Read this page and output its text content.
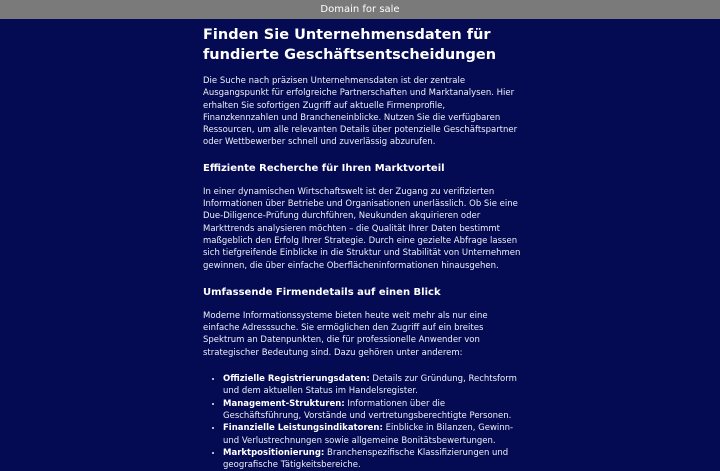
Domain for sale
Finden Sie Unternehmensdaten für fundierte Geschäftsentscheidungen

Die Suche nach präzisen Unternehmensdaten ist der zentrale Ausgangspunkt für erfolgreiche Partnerschaften und Marktanalysen. Hier erhalten Sie sofortigen Zugriff auf aktuelle Firmenprofile, Finanzkennzahlen und Brancheneinblicke. Nutzen Sie die verfügbaren Ressourcen, um alle relevanten Details über potenzielle Geschäftspartner oder Wettbewerber schnell und zuverlässig abzurufen.

Effiziente Recherche für Ihren Marktvorteil

In einer dynamischen Wirtschaftswelt ist der Zugang zu verifizierten Informationen über Betriebe und Organisationen unerlässlich. Ob Sie eine Due-Diligence-Prüfung durchführen, Neukunden akquirieren oder Markttrends analysieren möchten – die Qualität Ihrer Daten bestimmt maßgeblich den Erfolg Ihrer Strategie. Durch eine gezielte Abfrage lassen sich tiefgreifende Einblicke in die Struktur und Stabilität von Unternehmen gewinnen, die über einfache Oberflächeninformationen hinausgehen.

Umfassende Firmendetails auf einen Blick

Moderne Informationssysteme bieten heute weit mehr als nur eine einfache Adresssuche. Sie ermöglichen den Zugriff auf ein breites Spektrum an Datenpunkten, die für professionelle Anwender von strategischer Bedeutung sind. Dazu gehören unter anderem:

• Offizielle Registrierungsdaten: Details zur Gründung, Rechtsform und dem aktuellen Status im Handelsregister.
• Management-Strukturen: Informationen über die Geschäftsführung, Vorstände und vertretungsberechtigte Personen.
• Finanzielle Leistungsindikatoren: Einblicke in Bilanzen, Gewinn- und Verlustrechnungen sowie allgemeine Bonitätsbewertungen.
• Marktpositionierung: Branchenspezifische Klassifizierungen und geografische Tätigkeitsbereiche.
